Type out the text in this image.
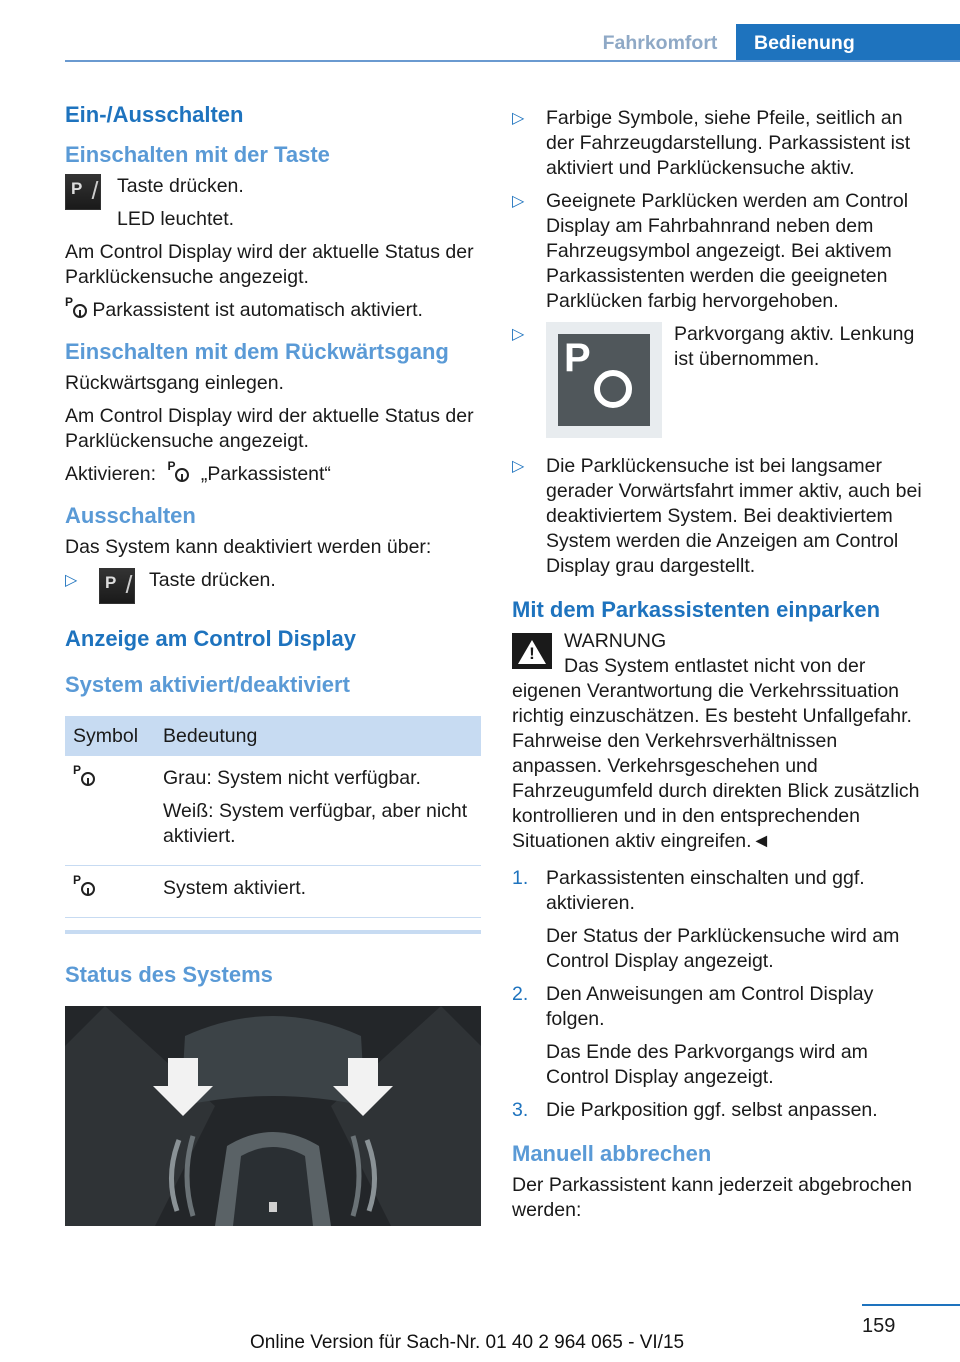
Fahrkomfort	Bedienung
Ein-/Ausschalten
Einschalten mit der Taste
P Taste drücken.

LED leuchtet.

Am Control Display wird der aktuelle Status der Parklückensuche angezeigt.

P Parkassistent ist automatisch aktiviert.

Einschalten mit dem Rückwärtsgang

Rückwärtsgang einlegen.

Am Control Display wird der aktuelle Status der Parklückensuche angezeigt.

Aktivieren: P „Parkassistent“

Ausschalten

Das System kann deaktiviert werden über:

▷ P Taste drücken.
Anzeige am Control Display
System aktiviert/deaktiviert
Symbol	Bedeutung

P	Grau: System nicht verfügbar.

Weiß: System verfügbar, aber nicht aktiviert.

P	System aktiviert.

Status des Systems
▷ Farbige Symbole, siehe Pfeile, seitlich an der Fahrzeugdarstellung. Parkassistent ist aktiviert und Parklückensuche aktiv.
▷ Geeignete Parklücken werden am Control Display am Fahrbahnrand neben dem Fahrzeugsymbol angezeigt. Bei aktivem Parkassistenten werden die geeigneten Parklücken farbig hervorgehoben.
▷
P
Parkvorgang aktiv. Lenkung ist übernommen.
▷ Die Parklückensuche ist bei langsamer gerader Vorwärtsfahrt immer aktiv, auch bei deaktiviertem System. Bei deaktiviertem System werden die Anzeigen am Control Display grau dargestellt.
Mit dem Parkassistenten einparken
!
WARNUNG

Das System entlastet nicht von der eigenen Verantwortung die Verkehrssituation richtig einzuschätzen. Es besteht Unfallgefahr. Fahrweise den Verkehrsverhältnissen anpassen. Verkehrsgeschehen und Fahrzeugumfeld durch direkten Blick zusätzlich kontrollieren und in den entsprechenden Situationen aktiv eingreifen.◄

1. Parkassistenten einschalten und ggf. aktivieren.
Der Status der Parklückensuche wird am Control Display angezeigt.
2. Den Anweisungen am Control Display folgen.
Das Ende des Parkvorgangs wird am Control Display angezeigt.
3. Die Parkposition ggf. selbst anpassen.
Manuell abbrechen

Der Parkassistent kann jederzeit abgebrochen werden:

159
Online Version für Sach-Nr. 01 40 2 964 065 - VI/15
